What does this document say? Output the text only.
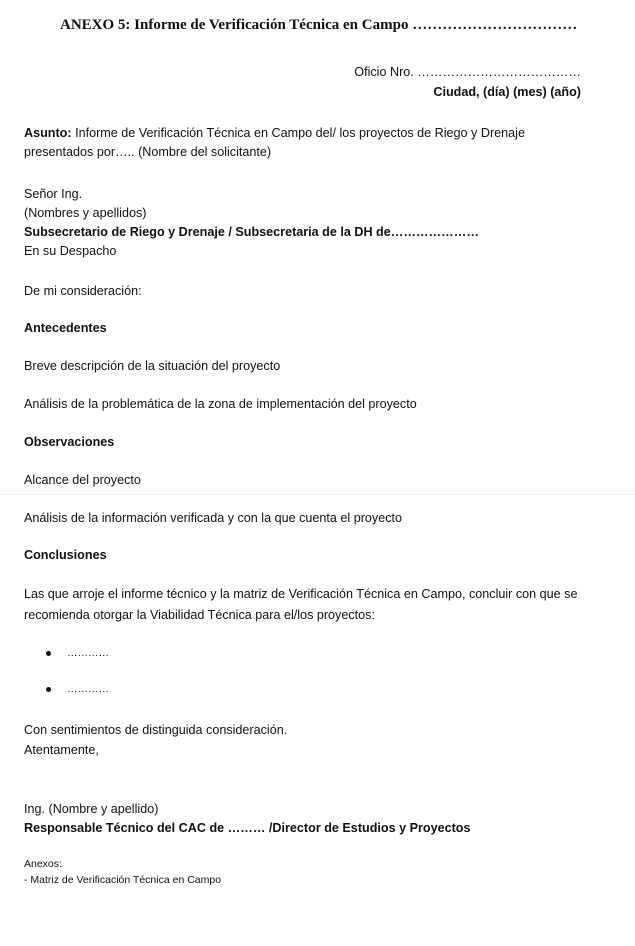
ANEXO 5: Informe de Verificación Técnica en Campo ……………………………
Oficio Nro. …………………………………
Ciudad, (día) (mes) (año)
Asunto: Informe de Verificación Técnica en Campo del/ los proyectos de Riego y Drenaje
presentados por….. (Nombre del solicitante)
Señor Ing.
(Nombres y apellidos)
Subsecretario de Riego y Drenaje / Subsecretaria de la DH de…………………
En su Despacho
De mi consideración:
Antecedentes
Breve descripción de la situación del proyecto
Análisis de la problemática de la zona de implementación del proyecto
Observaciones
Alcance del proyecto
Análisis de la información verificada y con la que cuenta el proyecto
Conclusiones
Las que arroje el informe técnico y la matriz de Verificación Técnica en Campo, concluir con que se
recomienda otorgar la Viabilidad Técnica para el/los proyectos:
…………
…………
Con sentimientos de distinguida consideración.
Atentamente,
Ing. (Nombre y apellido)
Responsable Técnico del CAC de ……… /Director de Estudios y Proyectos
Anexos:
- Matriz de Verificación Técnica en Campo
